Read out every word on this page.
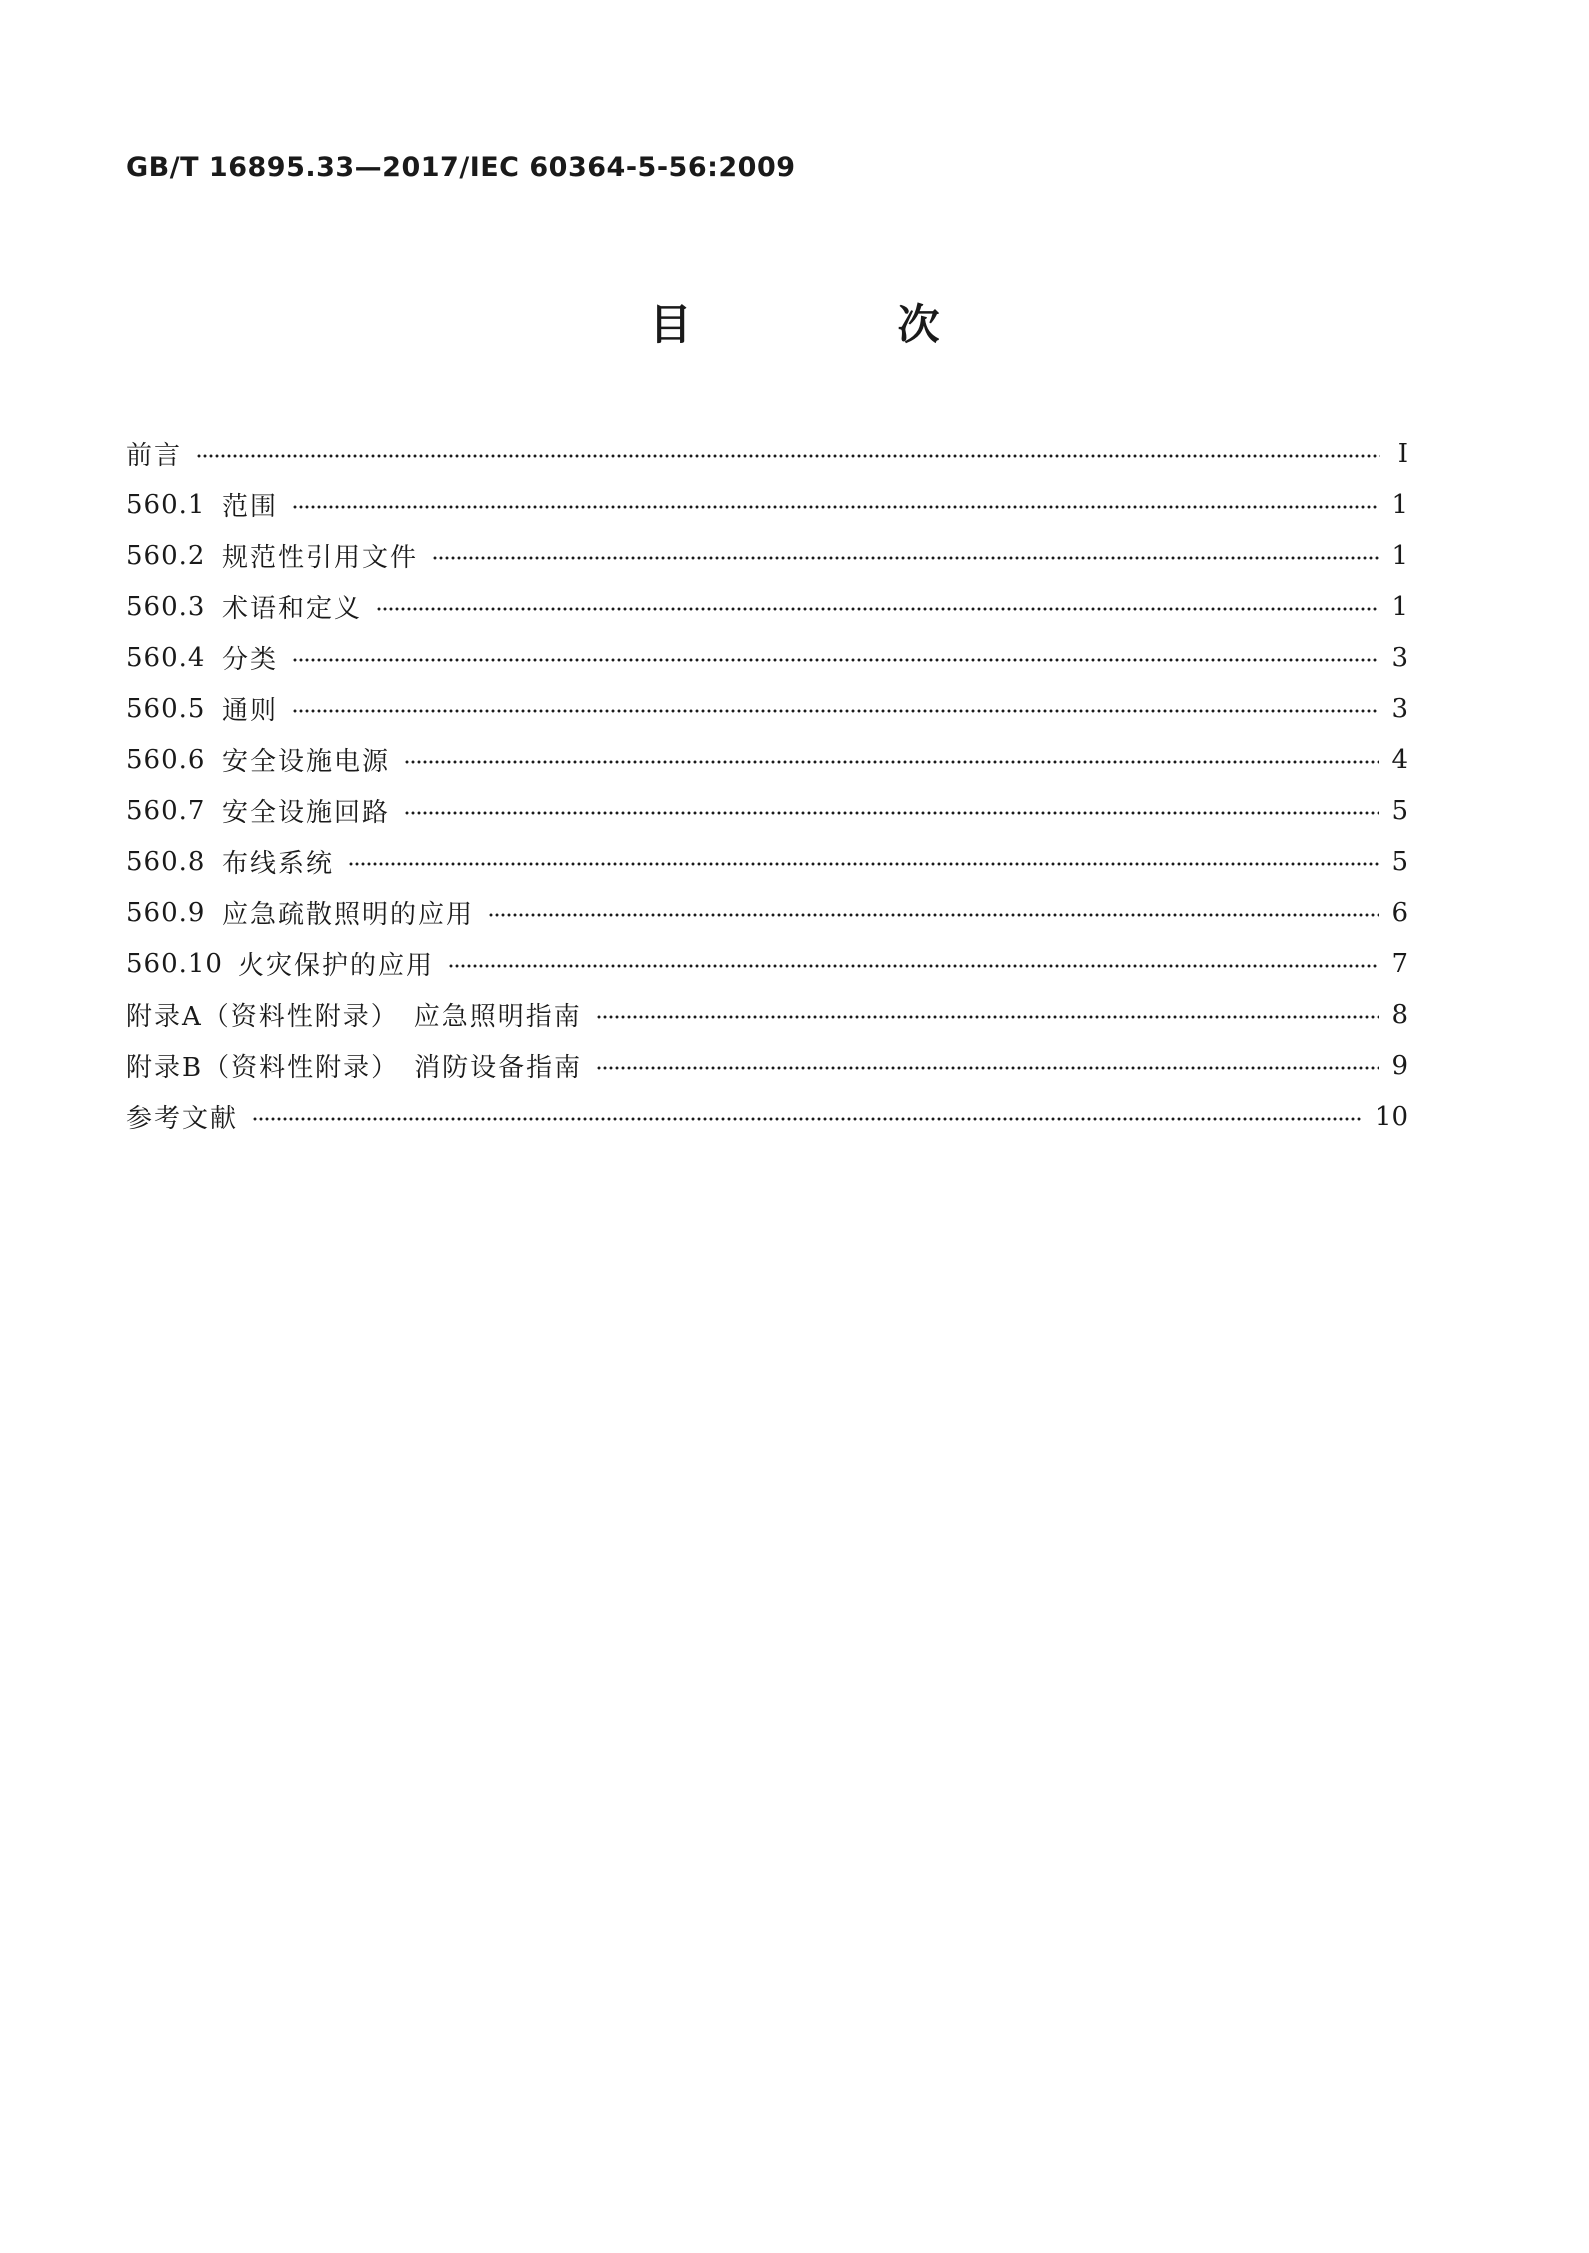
GB/T 16895.33—2017/IEC 60364-5-56:2009
目　次
前言	Ⅰ
560.1 范围	1
560.2 规范性引用文件	1
560.3 术语和定义	1
560.4 分类	3
560.5 通则	3
560.6 安全设施电源	4
560.7 安全设施回路	5
560.8 布线系统	5
560.9 应急疏散照明的应用	6
560.10 火灾保护的应用	7
附录A（资料性附录）　应急照明指南	8
附录B（资料性附录）　消防设备指南	9
参考文献	10
